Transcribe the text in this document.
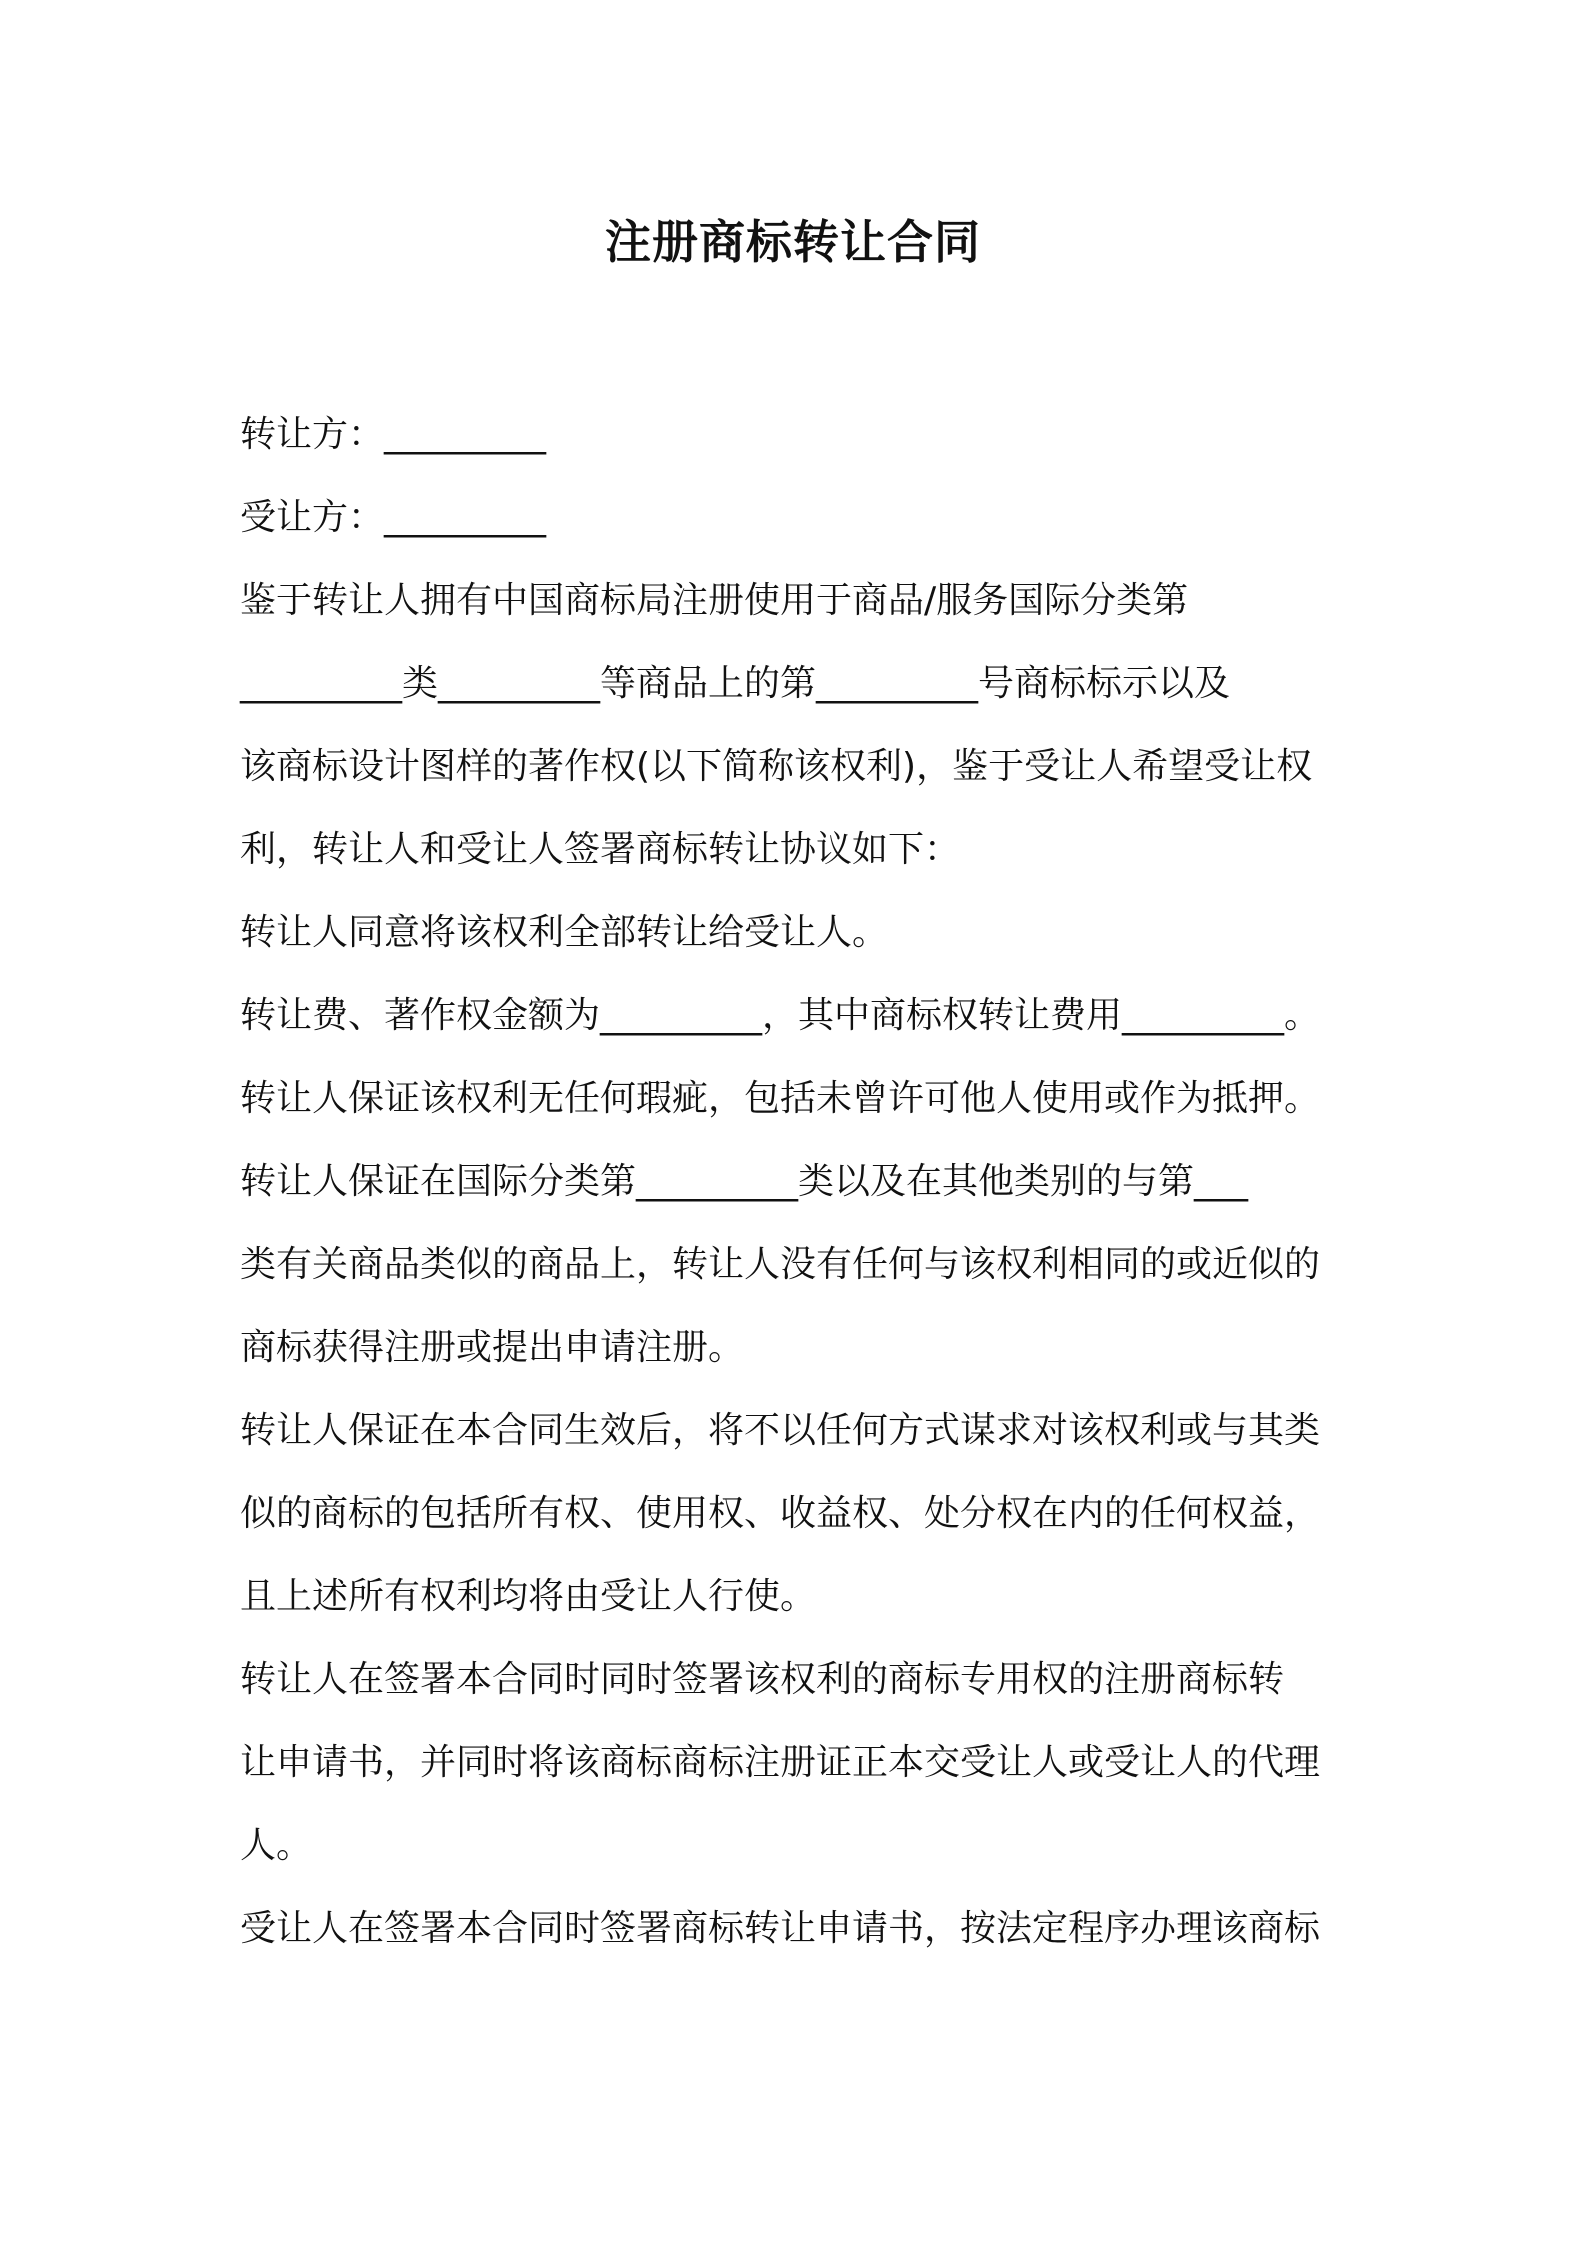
注册商标转让合同

转让方：_________

受让方：_________

鉴于转让人拥有中国商标局注册使用于商品/服务国际分类第

_________类_________等商品上的第_________号商标标示以及

该商标设计图样的著作权(以下简称该权利)，鉴于受让人希望受让权

利，转让人和受让人签署商标转让协议如下：

转让人同意将该权利全部转让给受让人。

转让费、著作权金额为_________，其中商标权转让费用_________。

转让人保证该权利无任何瑕疵，包括未曾许可他人使用或作为抵押。

转让人保证在国际分类第_________类以及在其他类别的与第___

类有关商品类似的商品上，转让人没有任何与该权利相同的或近似的

商标获得注册或提出申请注册。

转让人保证在本合同生效后，将不以任何方式谋求对该权利或与其类

似的商标的包括所有权、使用权、收益权、处分权在内的任何权益，

且上述所有权利均将由受让人行使。

转让人在签署本合同时同时签署该权利的商标专用权的注册商标转

让申请书，并同时将该商标商标注册证正本交受让人或受让人的代理

人。

受让人在签署本合同时签署商标转让申请书，按法定程序办理该商标
